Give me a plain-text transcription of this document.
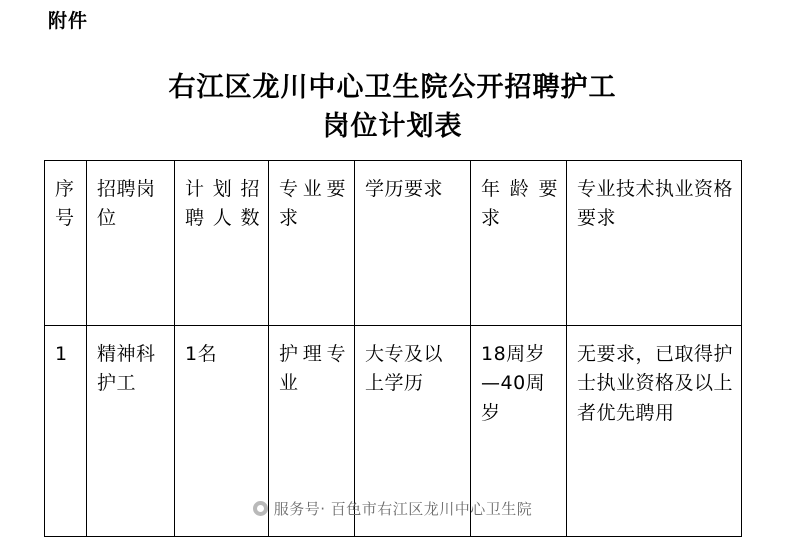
附件
右江区龙川中心卫生院公开招聘护工
岗位计划表
序号	招聘岗位	计划招聘人数	专业要求	学历要求	年龄要求	专业技术执业资格要求
1	精神科护工	1名	护理专业	大专及以上学历	18周岁—40周岁	无要求，已取得护士执业资格及以上者优先聘用
服务号· 百色市右江区龙川中心卫生院
